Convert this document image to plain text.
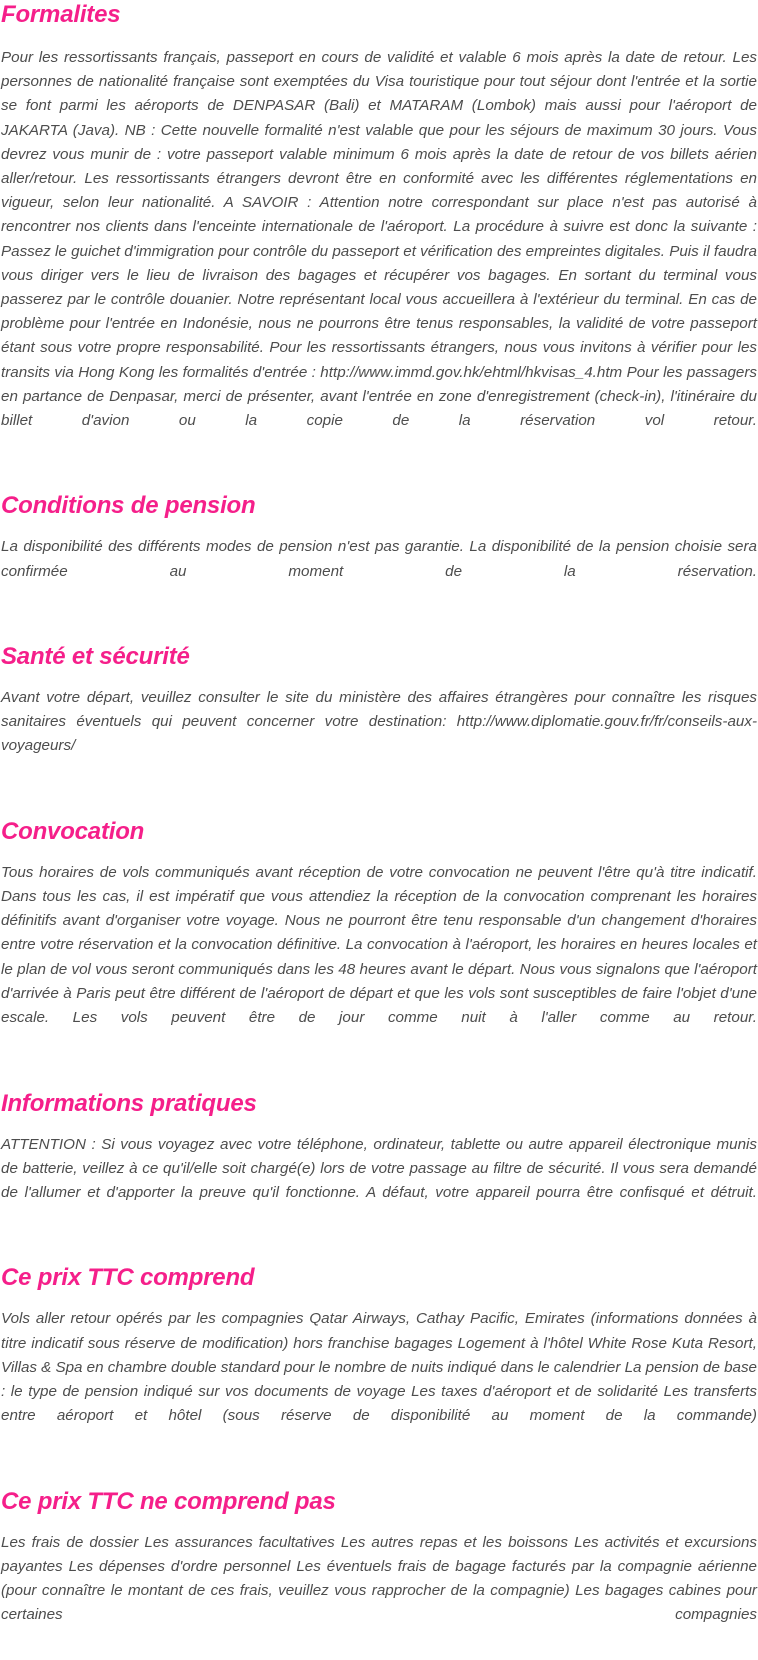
Formalites

Pour les ressortissants français, passeport en cours de validité et valable 6 mois après la date de retour. Les personnes de nationalité française sont exemptées du Visa touristique pour tout séjour dont l'entrée et la sortie se font parmi les aéroports de DENPASAR (Bali) et MATARAM (Lombok) mais aussi pour l'aéroport de JAKARTA (Java). NB : Cette nouvelle formalité n'est valable que pour les séjours de maximum 30 jours. Vous devrez vous munir de : votre passeport valable minimum 6 mois après la date de retour de vos billets aérien aller/retour. Les ressortissants étrangers devront être en conformité avec les différentes réglementations en vigueur, selon leur nationalité. A SAVOIR : Attention notre correspondant sur place n'est pas autorisé à rencontrer nos clients dans l'enceinte internationale de l'aéroport. La procédure à suivre est donc la suivante : Passez le guichet d'immigration pour contrôle du passeport et vérification des empreintes digitales. Puis il faudra vous diriger vers le lieu de livraison des bagages et récupérer vos bagages. En sortant du terminal vous passerez par le contrôle douanier. Notre représentant local vous accueillera à l'extérieur du terminal. En cas de problème pour l'entrée en Indonésie, nous ne pourrons être tenus responsables, la validité de votre passeport étant sous votre propre responsabilité. Pour les ressortissants étrangers, nous vous invitons à vérifier pour les transits via Hong Kong les formalités d'entrée : http://www.immd.gov.hk/ehtml/hkvisas_4.htm Pour les passagers en partance de Denpasar, merci de présenter, avant l'entrée en zone d'enregistrement (check-in), l'itinéraire du billet d'avion ou la copie de la réservation vol retour.

Conditions de pension

La disponibilité des différents modes de pension n'est pas garantie. La disponibilité de la pension choisie sera confirmée au moment de la réservation.

Santé et sécurité

Avant votre départ, veuillez consulter le site du ministère des affaires étrangères pour connaître les risques sanitaires éventuels qui peuvent concerner votre destination: http://www.diplomatie.gouv.fr/fr/conseils-aux-voyageurs/

Convocation

Tous horaires de vols communiqués avant réception de votre convocation ne peuvent l'être qu'à titre indicatif. Dans tous les cas, il est impératif que vous attendiez la réception de la convocation comprenant les horaires définitifs avant d'organiser votre voyage. Nous ne pourront être tenu responsable d'un changement d'horaires entre votre réservation et la convocation définitive. La convocation à l'aéroport, les horaires en heures locales et le plan de vol vous seront communiqués dans les 48 heures avant le départ. Nous vous signalons que l'aéroport d'arrivée à Paris peut être différent de l'aéroport de départ et que les vols sont susceptibles de faire l'objet d'une escale. Les vols peuvent être de jour comme nuit à l'aller comme au retour.

Informations pratiques

ATTENTION : Si vous voyagez avec votre téléphone, ordinateur, tablette ou autre appareil électronique munis de batterie, veillez à ce qu'il/elle soit chargé(e) lors de votre passage au filtre de sécurité. Il vous sera demandé de l'allumer et d'apporter la preuve qu'il fonctionne. A défaut, votre appareil pourra être confisqué et détruit.

Ce prix TTC comprend

Vols aller retour opérés par les compagnies Qatar Airways, Cathay Pacific, Emirates (informations données à titre indicatif sous réserve de modification) hors franchise bagages Logement à l'hôtel White Rose Kuta Resort, Villas & Spa en chambre double standard pour le nombre de nuits indiqué dans le calendrier La pension de base : le type de pension indiqué sur vos documents de voyage Les taxes d'aéroport et de solidarité Les transferts entre aéroport et hôtel (sous réserve de disponibilité au moment de la commande)

Ce prix TTC ne comprend pas

Les frais de dossier Les assurances facultatives Les autres repas et les boissons Les activités et excursions payantes Les dépenses d'ordre personnel Les éventuels frais de bagage facturés par la compagnie aérienne (pour connaître le montant de ces frais, veuillez vous rapprocher de la compagnie) Les bagages cabines pour certaines compagnies
